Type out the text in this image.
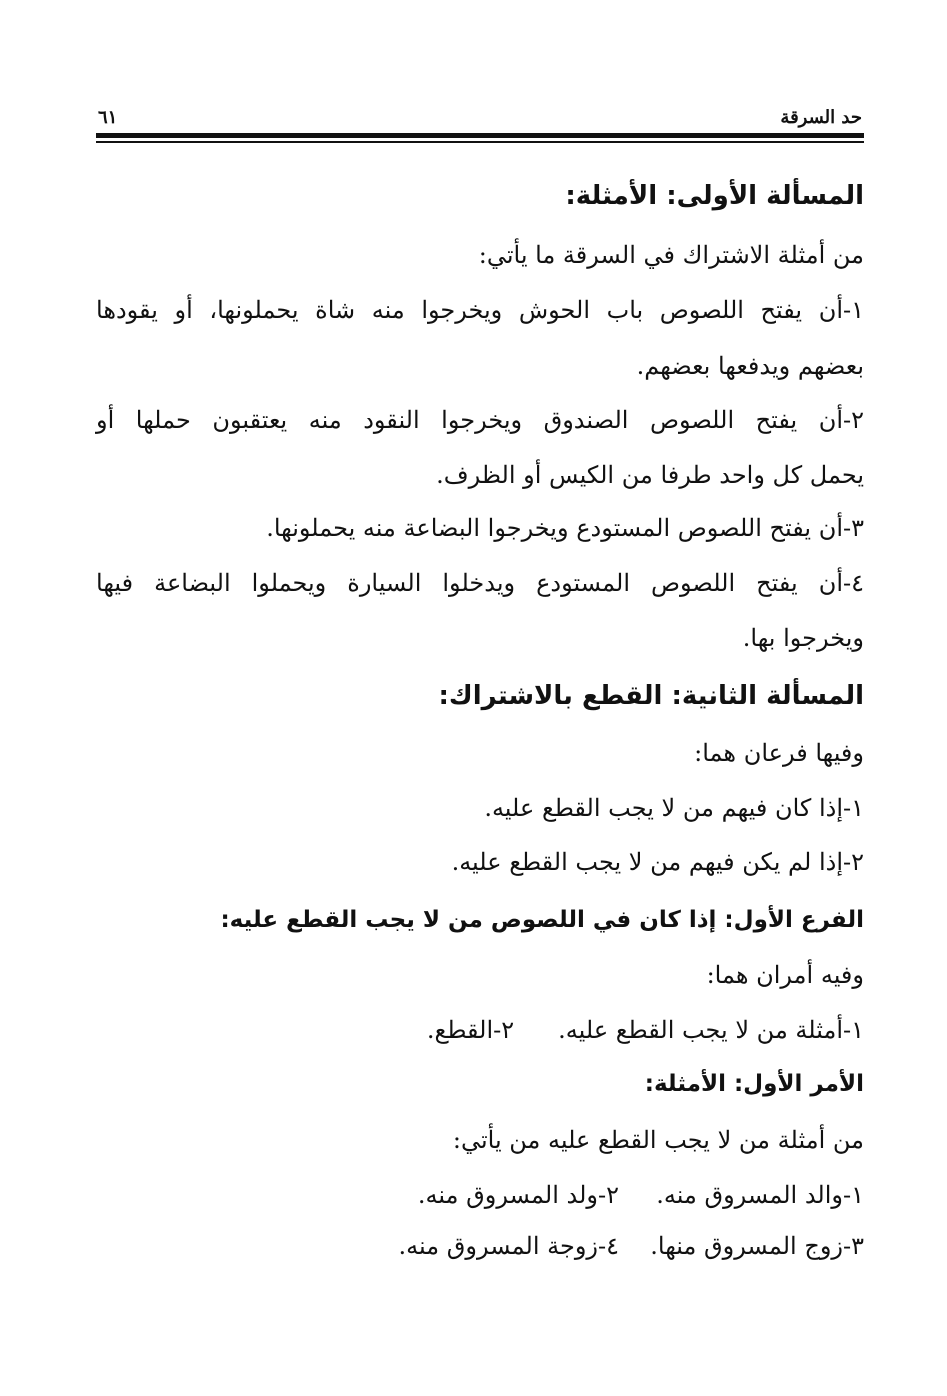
حد السرقة
٦١
المسألة الأولى: الأمثلة:
من أمثلة الاشتراك في السرقة ما يأتي:
١-أن يفتح اللصوص باب الحوش ويخرجوا منه شاة يحملونها، أو يقودها
بعضهم ويدفعها بعضهم.
٢-أن يفتح اللصوص الصندوق ويخرجوا النقود منه يعتقبون حملها أو
يحمل كل واحد طرفا من الكيس أو الظرف.
٣-أن يفتح اللصوص المستودع ويخرجوا البضاعة منه يحملونها.
٤-أن يفتح اللصوص المستودع ويدخلوا السيارة ويحملوا البضاعة فيها
ويخرجوا بها.
المسألة الثانية: القطع بالاشتراك:
وفيها فرعان هما:
١-إذا كان فيهم من لا يجب القطع عليه.
٢-إذا لم يكن فيهم من لا يجب القطع عليه.
الفرع الأول: إذا كان في اللصوص من لا يجب القطع عليه:
وفيه أمران هما:
١-أمثلة من لا يجب القطع عليه.
٢-القطع.
الأمر الأول: الأمثلة:
من أمثلة من لا يجب القطع عليه من يأتي:
١-والد المسروق منه.
٢-ولد المسروق منه.
٣-زوج المسروق منها.
٤-زوجة المسروق منه.
